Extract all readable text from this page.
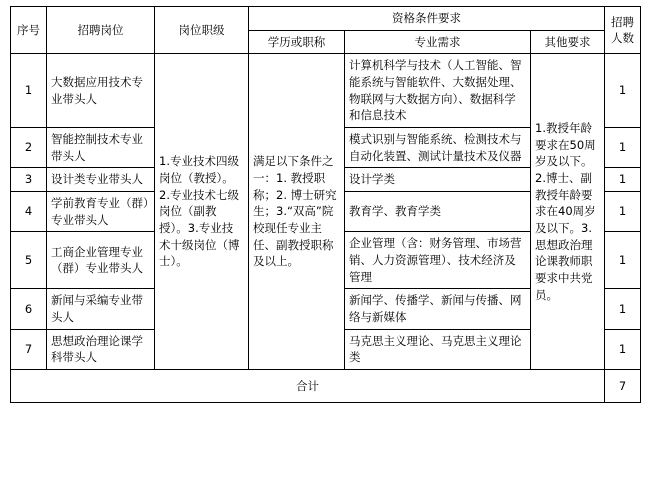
序号	招聘岗位	岗位职级	资格条件要求			招聘人数
			学历或职称	专业需求	其他要求	
1	大数据应用技术专业带头人	1.专业技术四级岗位（教授）。2.专业技术七级岗位（副教授）。3.专业技术十级岗位（博士）。	满足以下条件之一：1. 教授职称；2. 博士研究生；3.“双高”院校现任专业主任、副教授职称及以上。	计算机科学与技术（人工智能、智能系统与智能软件、大数据处理、物联网与大数据方向）、数据科学和信息技术	1.教授年龄要求在50周岁及以下。2.博士、副教授年龄要求在40周岁及以下。3.思想政治理论课教师职要求中共党员。	1
2	智能控制技术专业带头人			模式识别与智能系统、检测技术与自动化装置、测试计量技术及仪器		1
3	设计类专业带头人			设计学类		1
4	学前教育专业（群）专业带头人			教育学、教育学类		1
5	工商企业管理专业（群）专业带头人			企业管理（含：财务管理、市场营销、人力资源管理）、技术经济及管理		1
6	新闻与采编专业带头人			新闻学、传播学、新闻与传播、网络与新媒体		1
7	思想政治理论课学科带头人			马克思主义理论、马克思主义理论类		1
合计						7
